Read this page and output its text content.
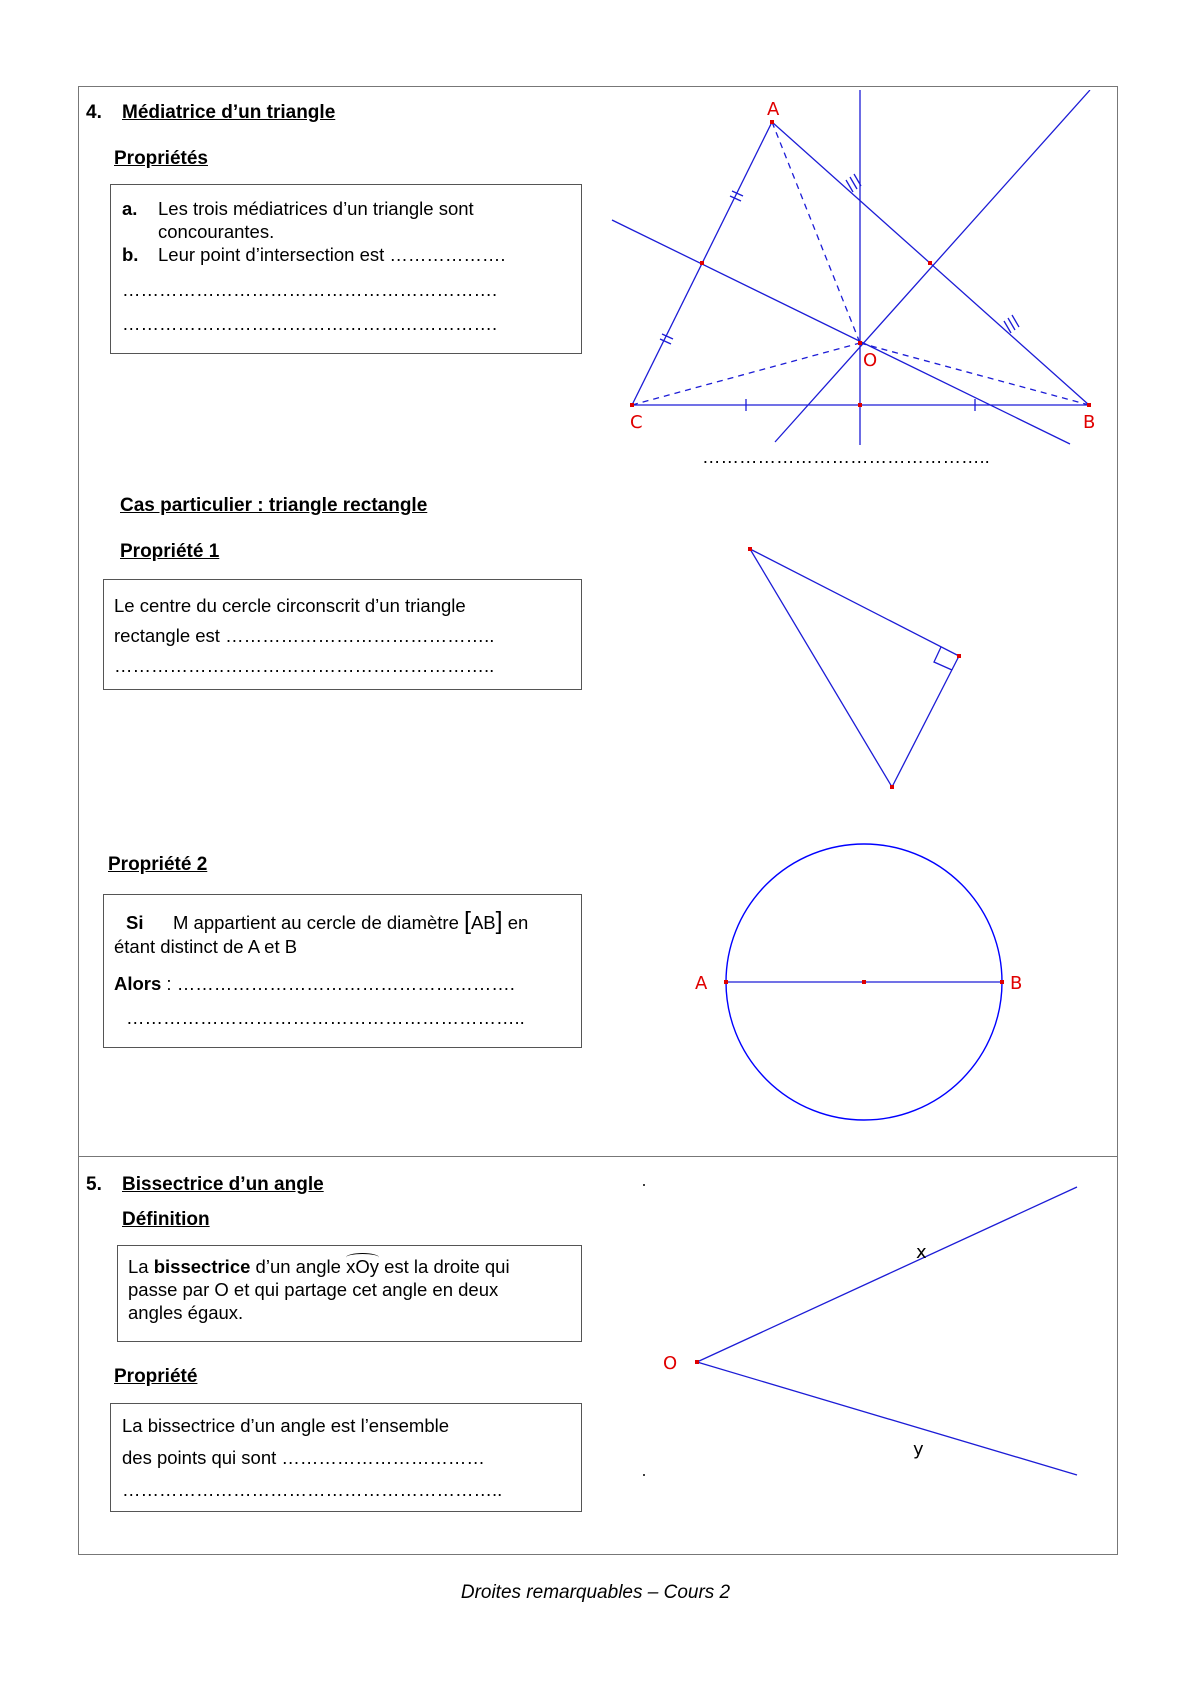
4. Médiatrice d’un triangle
Propriétés
a. Les trois médiatrices d’un triangle sont
concourantes.
b. Leur point d’intersection est ……………….
…………………………………………………….
…………………………………………………….
A
C	B
O
………………………………………..
Cas particulier : triangle rectangle
Propriété 1
Le centre du cercle circonscrit d’un triangle
rectangle est ……………………………………..
……………………………………………………..
Propriété 2
Si M appartient au cercle de diamètre [AB] en
étant distinct de A et B
Alors : ……………………………………………….
………………………………………………………..
A	B
5. Bissectrice d’un angle
Définition
La bissectrice d’un angle
xOy est la droite qui
passe par O et qui partage cet angle en deux
angles égaux.
Propriété
La bissectrice d’un angle est l’ensemble
des points qui sont ……………………………
……………………………………………………..
O
x
y
Droites remarquables – Cours 2
